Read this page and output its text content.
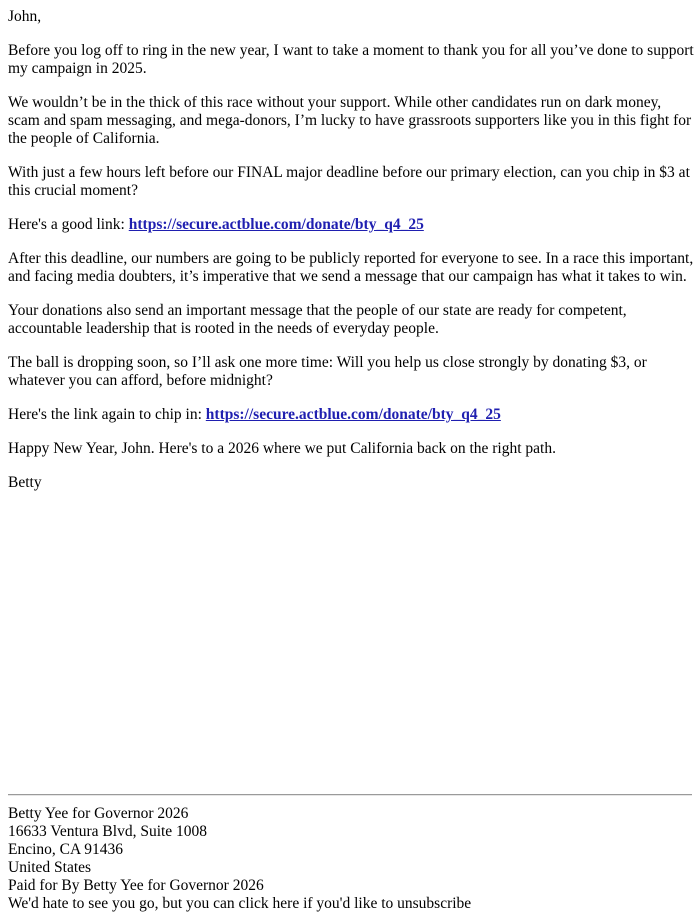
John,

Before you log off to ring in the new year, I want to take a moment to thank you for all you’ve done to support my campaign in 2025.

We wouldn’t be in the thick of this race without your support. While other candidates run on dark money, scam and spam messaging, and mega-donors, I’m lucky to have grassroots supporters like you in this fight for the people of California.

With just a few hours left before our FINAL major deadline before our primary election, can you chip in $3 at this crucial moment?

Here's a good link: https://secure.actblue.com/donate/bty_q4_25

After this deadline, our numbers are going to be publicly reported for everyone to see. In a race this important, and facing media doubters, it’s imperative that we send a message that our campaign has what it takes to win.

Your donations also send an important message that the people of our state are ready for competent, accountable leadership that is rooted in the needs of everyday people.

The ball is dropping soon, so I’ll ask one more time: Will you help us close strongly by donating $3, or whatever you can afford, before midnight?

Here's the link again to chip in: https://secure.actblue.com/donate/bty_q4_25

Happy New Year, John. Here's to a 2026 where we put California back on the right path.

Betty

Betty Yee for Governor 2026
16633 Ventura Blvd, Suite 1008
Encino, CA 91436
United States
Paid for By Betty Yee for Governor 2026
We'd hate to see you go, but you can click here if you'd like to unsubscribe
